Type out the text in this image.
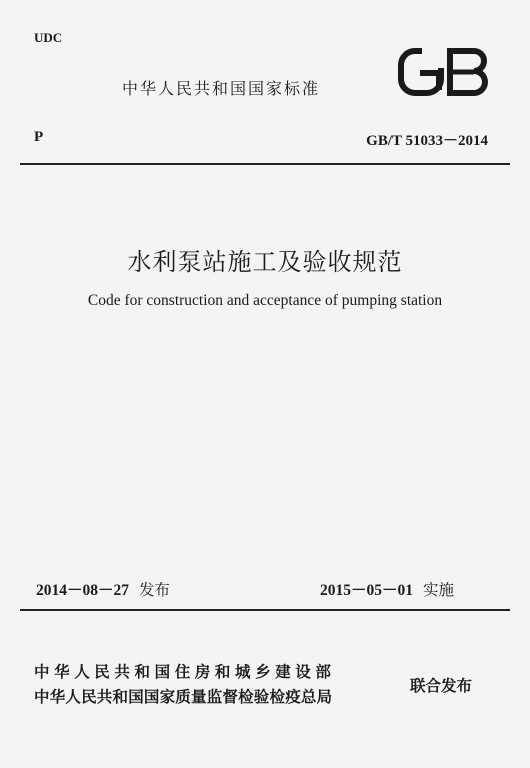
UDC
中华人民共和国国家标准
P	GB/T 51033－2014
水利泵站施工及验收规范
Code for construction and acceptance of pumping station
2014－08－27 发布	2015－05－01 实施
中华人民共和国住房和城乡建设部
中华人民共和国国家质量监督检验检疫总局
联合发布
